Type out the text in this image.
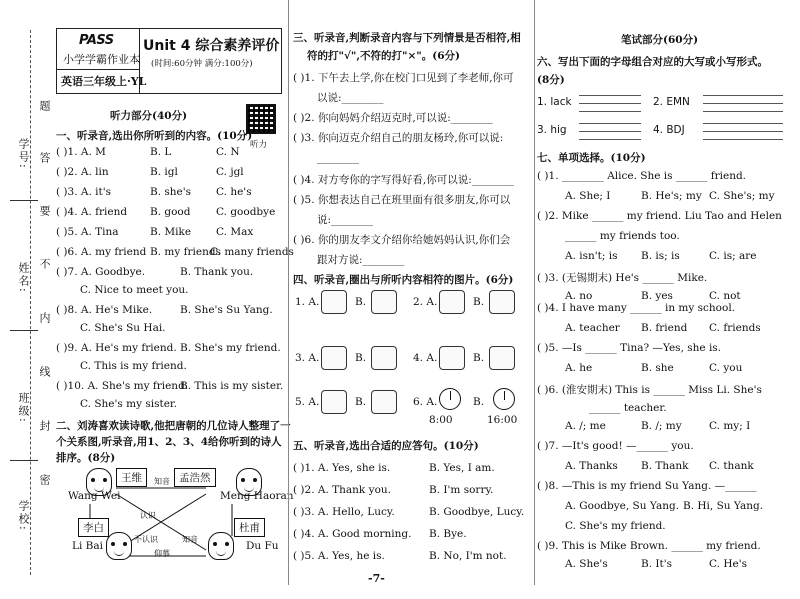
学号:
姓名:
班级:
学校:
题
答
要
不
内
线
封
密
PASS
小学学霸作业本
英语三年级上·YL
Unit 4 综合素养评价
(时间:60分钟 满分:100分)
听力部分(40分)
听力
一、听录音,选出你所听到的内容。(10分)
( )1. A. M	B. L	C. N
( )2. A. lin	B. igl	C. jgl
( )3. A. it's	B. she's C. he's
( )4. A. friend B. good C. goodbye
( )5. A. Tina	B. Mike C. Max
( )6. A. my friend B. my friends
C. many friends
( )7. A. Goodbye.	B. Thank you.
C. Nice to meet you.
( )8. A. He's Mike.	B. She's Su Yang.
C. She's Su Hai.
( )9. A. He's my friend. B. She's my friend.
C. This is my friend.
( )10. A. She's my friend.
B. This is my sister.
C. She's my sister.
二、刘涛喜欢读诗歌,他把唐朝的几位诗人整理了一
个关系图,听录音,用1、2、3、4给你听到的诗人
排序。(8分)
王维
Wang Wei
孟浩然
Meng Haoran
知音
认识
不认识	知音
李白
Li Bai
杜甫
Du Fu
仰慕
三、听录音,判断录音内容与下列情景是否相符,相
符的打"√",不符的打"×"。(6分)
( )1. 下午去上学,你在校门口见到了李老师,你可
以说:________
( )2. 你向妈妈介绍迈克时,可以说:________
( )3. 你向迈克介绍自己的朋友杨玲,你可以说:
________
( )4. 对方夸你的字写得好看,你可以说:________
( )5. 你想表达自己在班里面有很多朋友,你可以
说:________
( )6. 你的朋友李文介绍你给她妈妈认识,你们会
跟对方说:________
四、听录音,圈出与所听内容相符的图片。(6分)
1. A.	B.	2. A.	B.
3. A.	B.	4. A.	B.
5. A.	B.	6. A.	B.
8:00	16:00
五、听录音,选出合适的应答句。(10分)
( )1. A. Yes, she is.	B. Yes, I am.
( )2. A. Thank you.	B. I'm sorry.
( )3. A. Hello, Lucy.	B. Goodbye, Lucy.
( )4. A. Good morning. B. Bye.
( )5. A. Yes, he is.	B. No, I'm not.
笔试部分(60分)
六、写出下面的字母组合对应的大写或小写形式。
(8分)
1. lack	2. EMN
3. hig	4. BDJ
七、单项选择。(10分)
( )1. ________ Alice. She is ______ friend.
A. She; I	B. He's; my C. She's; my
( )2. Mike ______ my friend. Liu Tao and Helen
______ my friends too.
A. isn't; is B. is; is	C. is; are
( )3. (无锡期末) He's ______ Mike.
A. no	B. yes	C. not
( )4. I have many ______ in my school.
A. teacher B. friend C. friends
( )5. —Is ______ Tina? —Yes, she is.
A. he	B. she	C. you
( )6. (淮安期末) This is ______ Miss Li. She's
______ teacher.
A. /; me	B. /; my	C. my; I
( )7. —It's good! —______ you.
A. Thanks B. Thank C. thank
( )8. —This is my friend Su Yang. —______
A. Goodbye, Su Yang. B. Hi, Su Yang.
C. She's my friend.
( )9. This is Mike Brown. ______ my friend.
A. She's	B. It's	C. He's
-7-
